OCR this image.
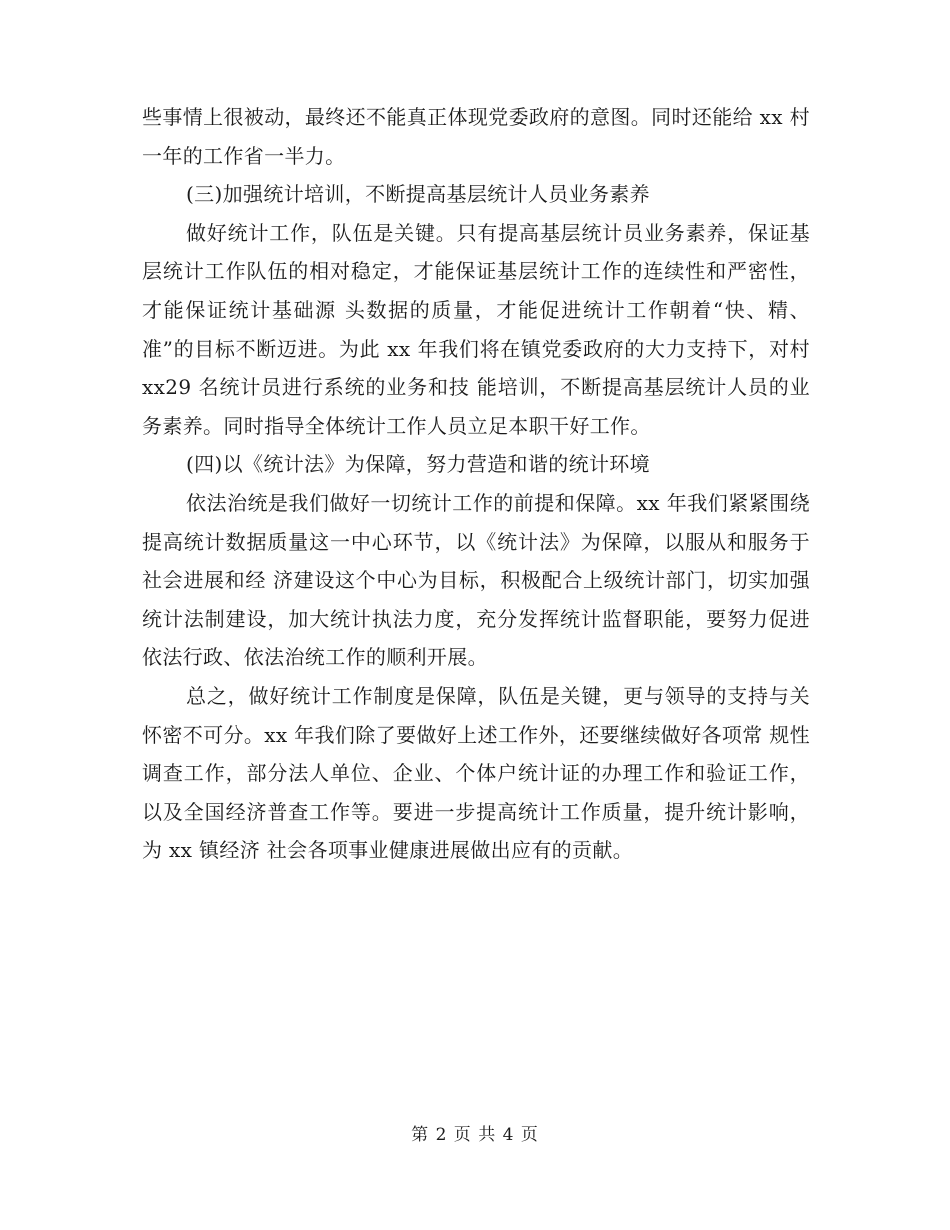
些事情上很被动，最终还不能真正体现党委政府的意图。同时还能给 xx 村一年的工作省一半力。

(三)加强统计培训，不断提高基层统计人员业务素养

做好统计工作，队伍是关键。只有提高基层统计员业务素养，保证基层统计工作队伍的相对稳定，才能保证基层统计工作的连续性和严密性，才能保证统计基础源 头数据的质量，才能促进统计工作朝着“快、精、准”的目标不断迈进。为此 xx 年我们将在镇党委政府的大力支持下，对村 xx29 名统计员进行系统的业务和技 能培训，不断提高基层统计人员的业务素养。同时指导全体统计工作人员立足本职干好工作。

(四)以《统计法》为保障，努力营造和谐的统计环境

依法治统是我们做好一切统计工作的前提和保障。xx 年我们紧紧围绕提高统计数据质量这一中心环节，以《统计法》为保障，以服从和服务于社会进展和经 济建设这个中心为目标，积极配合上级统计部门，切实加强统计法制建设，加大统计执法力度，充分发挥统计监督职能，要努力促进依法行政、依法治统工作的顺利开展。

总之，做好统计工作制度是保障，队伍是关键，更与领导的支持与关怀密不可分。xx 年我们除了要做好上述工作外，还要继续做好各项常 规性调查工作，部分法人单位、企业、个体户统计证的办理工作和验证工作，以及全国经济普查工作等。要进一步提高统计工作质量，提升统计影响，为 xx 镇经济 社会各项事业健康进展做出应有的贡献。

第 2 页 共 4 页
